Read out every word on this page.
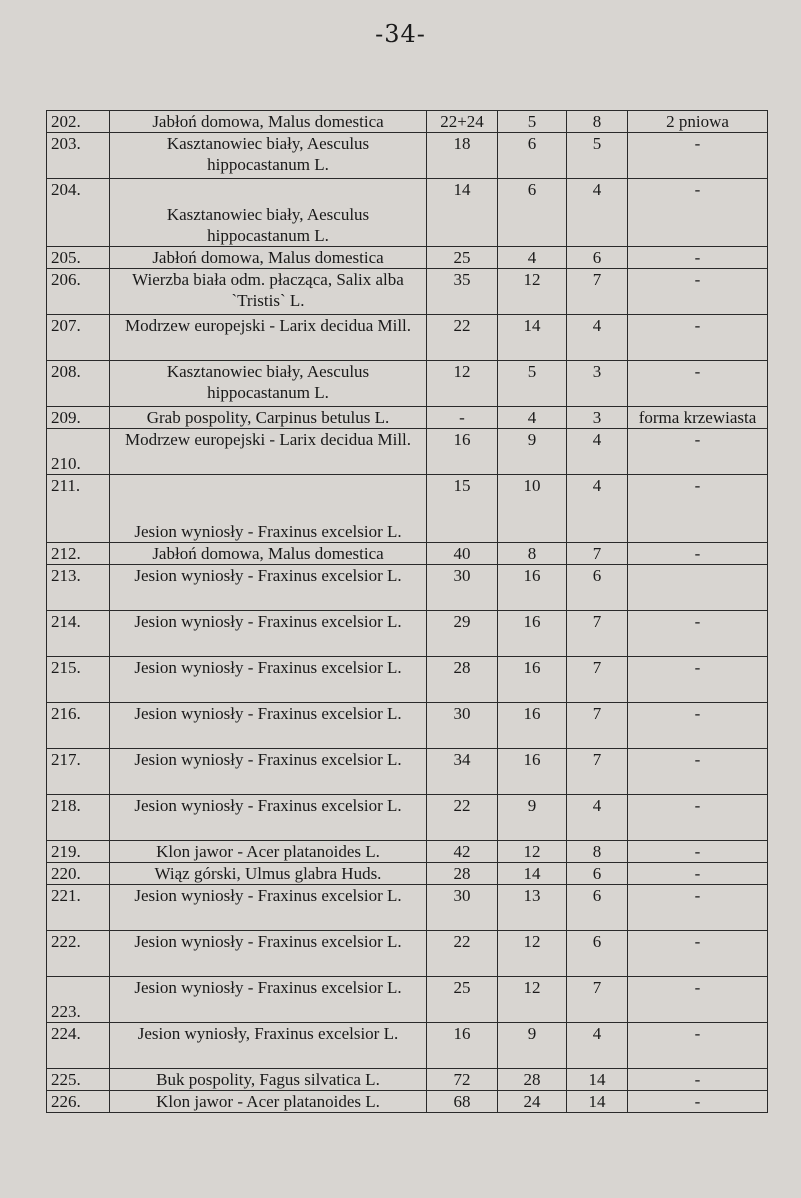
-34-
202.	Jabłoń domowa, Malus domestica	22+24	5	8	2 pniowa
203.	Kasztanowiec biały, Aesculus hippocastanum L.	18	6	5	-
204.	Kasztanowiec biały, Aesculus hippocastanum L.	14	6	4	-
205.	Jabłoń domowa, Malus domestica	25	4	6	-
206.	Wierzba biała odm. płacząca, Salix alba `Tristis` L.	35	12	7	-
207.	Modrzew europejski - Larix decidua Mill.	22	14	4	-
208.	Kasztanowiec biały, Aesculus hippocastanum L.	12	5	3	-
209.	Grab pospolity, Carpinus betulus L.	-	4	3	forma krzewiasta
210.	Modrzew europejski - Larix decidua Mill.	16	9	4	-
211.	Jesion wyniosły - Fraxinus excelsior L.	15	10	4	-
212.	Jabłoń domowa, Malus domestica	40	8	7	-
213.	Jesion wyniosły - Fraxinus excelsior L.	30	16	6	
214.	Jesion wyniosły - Fraxinus excelsior L.	29	16	7	-
215.	Jesion wyniosły - Fraxinus excelsior L.	28	16	7	-
216.	Jesion wyniosły - Fraxinus excelsior L.	30	16	7	-
217.	Jesion wyniosły - Fraxinus excelsior L.	34	16	7	-
218.	Jesion wyniosły - Fraxinus excelsior L.	22	9	4	-
219.	Klon jawor - Acer platanoides L.	42	12	8	-
220.	Wiąz górski, Ulmus glabra Huds.	28	14	6	-
221.	Jesion wyniosły - Fraxinus excelsior L.	30	13	6	-
222.	Jesion wyniosły - Fraxinus excelsior L.	22	12	6	-
223.	Jesion wyniosły - Fraxinus excelsior L.	25	12	7	-
224.	Jesion wyniosły, Fraxinus excelsior L.	16	9	4	-
225.	Buk pospolity, Fagus silvatica L.	72	28	14	-
226.	Klon jawor - Acer platanoides L.	68	24	14	-
